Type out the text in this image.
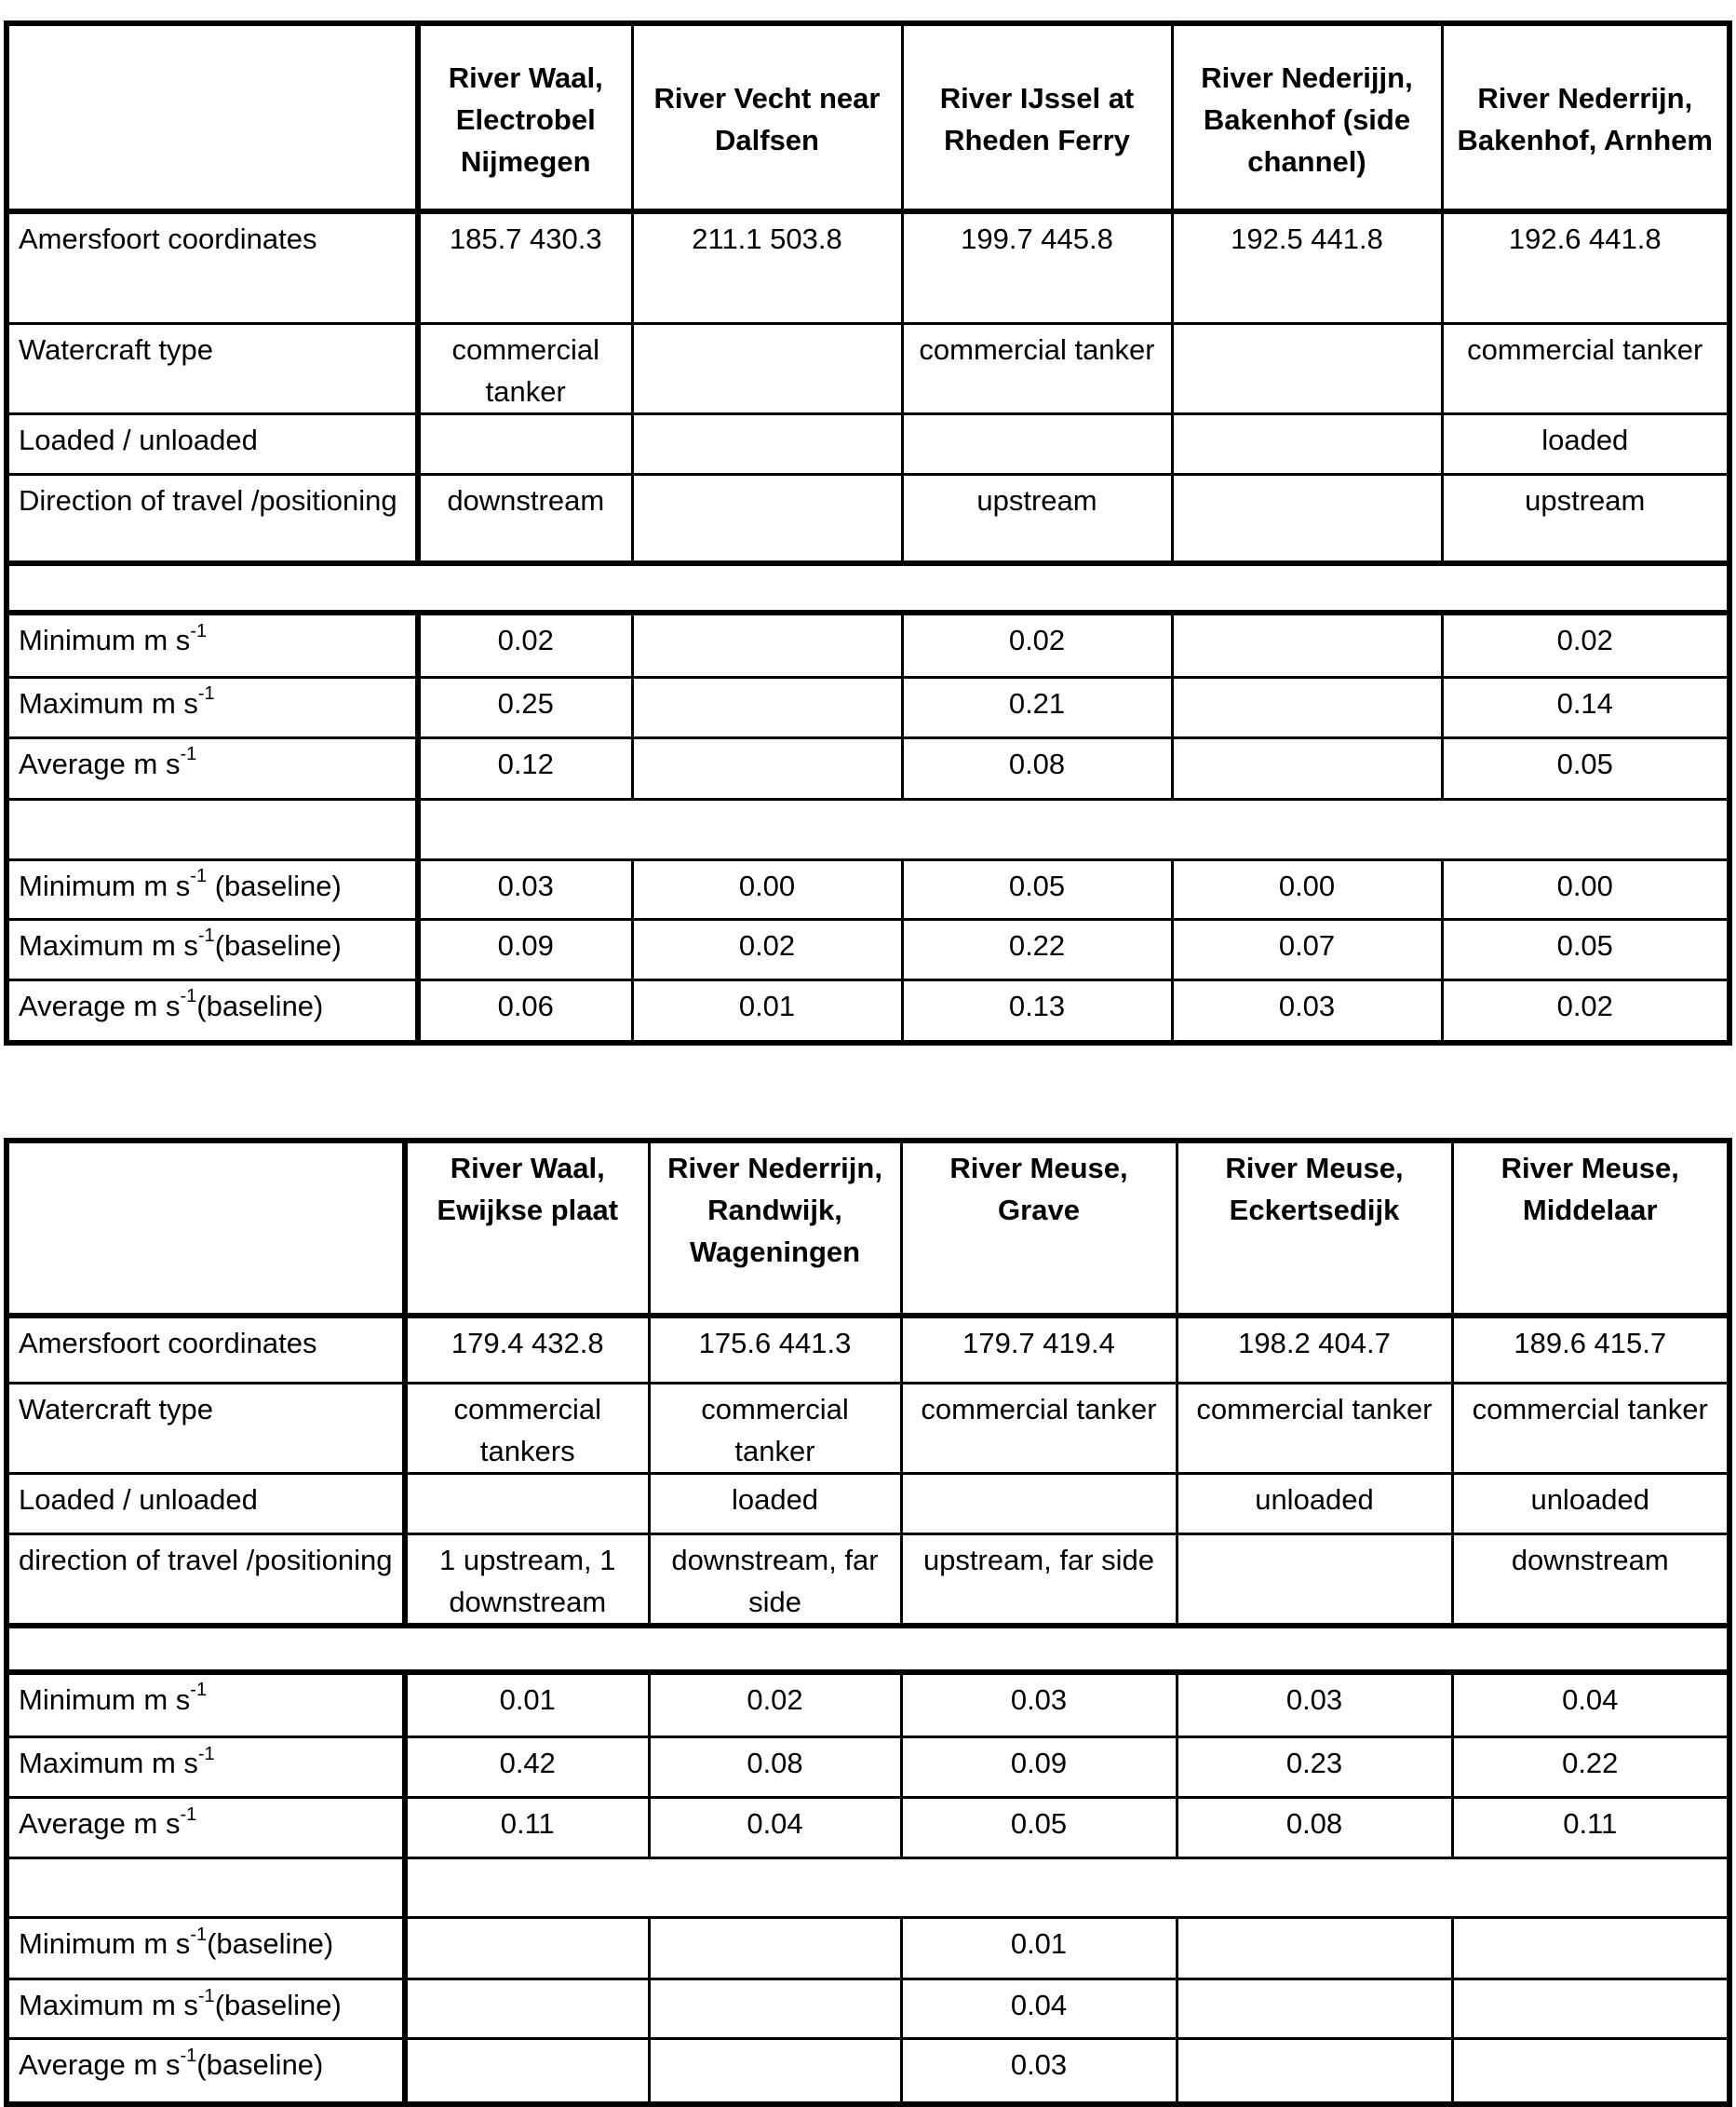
	River Waal, Electrobel Nijmegen	River Vecht near Dalfsen	River IJssel at Rheden Ferry	River Nederijjn, Bakenhof (side channel)	River Nederrijn, Bakenhof, Arnhem
Amersfoort coordinates	185.7 430.3	211.1 503.8	199.7 445.8	192.5 441.8	192.6 441.8
Watercraft type	commercial tanker		commercial tanker		commercial tanker
Loaded / unloaded					loaded
Direction of travel /positioning	downstream		upstream		upstream

Minimum m $s^{-1}$	0.02		0.02		0.02
Maximum m $s^{-1}$	0.25		0.21		0.14
Average m $s^{-1}$	0.12		0.08		0.05

Minimum m $s^{-1}$ (baseline)	0.03	0.00	0.05	0.00	0.00
Maximum m $s^{-1}(baseline)$	0.09	0.02	0.22	0.07	0.05
Average m $s^{-1}(baseline)$	0.06	0.01	0.13	0.03	0.02
	River Waal, Ewijkse plaat	River Nederrijn, Randwijk, Wageningen	River Meuse, Grave	River Meuse, Eckertsedijk	River Meuse, Middelaar
Amersfoort coordinates	179.4 432.8	175.6 441.3	179.7 419.4	198.2 404.7	189.6 415.7
Watercraft type	commercial tankers	commercial tanker	commercial tanker	commercial tanker	commercial tanker
Loaded / unloaded		loaded		unloaded	unloaded
direction of travel /positioning	1 upstream, 1 downstream	downstream, far side	upstream, far side		downstream

Minimum m $s^{-1}$	0.01	0.02	0.03	0.03	0.04
Maximum m $s^{-1}$	0.42	0.08	0.09	0.23	0.22
Average m $s^{-1}$	0.11	0.04	0.05	0.08	0.11

Minimum m $s^{-1}(baseline)$			0.01		
Maximum m $s^{-1}(baseline)$			0.04		
Average m $s^{-1}(baseline)$			0.03		
